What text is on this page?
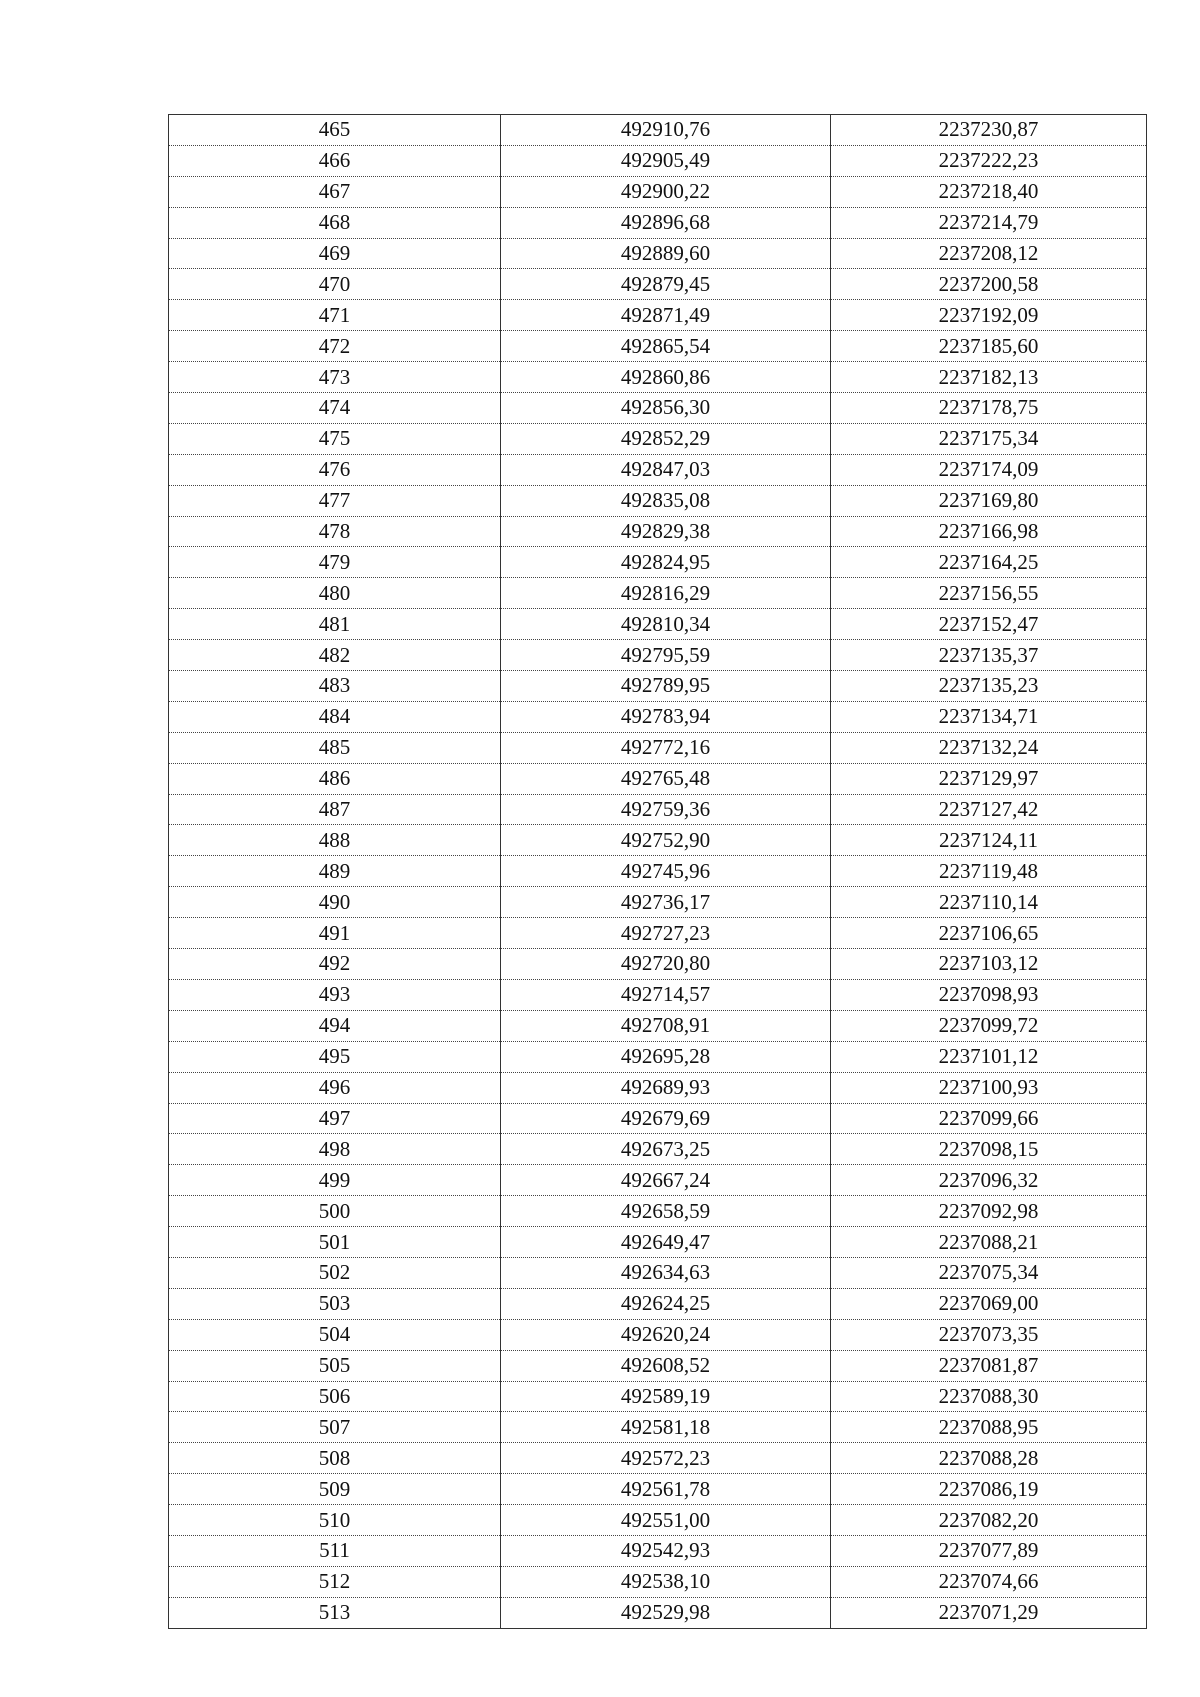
465	492910,76	2237230,87
466	492905,49	2237222,23
467	492900,22	2237218,40
468	492896,68	2237214,79
469	492889,60	2237208,12
470	492879,45	2237200,58
471	492871,49	2237192,09
472	492865,54	2237185,60
473	492860,86	2237182,13
474	492856,30	2237178,75
475	492852,29	2237175,34
476	492847,03	2237174,09
477	492835,08	2237169,80
478	492829,38	2237166,98
479	492824,95	2237164,25
480	492816,29	2237156,55
481	492810,34	2237152,47
482	492795,59	2237135,37
483	492789,95	2237135,23
484	492783,94	2237134,71
485	492772,16	2237132,24
486	492765,48	2237129,97
487	492759,36	2237127,42
488	492752,90	2237124,11
489	492745,96	2237119,48
490	492736,17	2237110,14
491	492727,23	2237106,65
492	492720,80	2237103,12
493	492714,57	2237098,93
494	492708,91	2237099,72
495	492695,28	2237101,12
496	492689,93	2237100,93
497	492679,69	2237099,66
498	492673,25	2237098,15
499	492667,24	2237096,32
500	492658,59	2237092,98
501	492649,47	2237088,21
502	492634,63	2237075,34
503	492624,25	2237069,00
504	492620,24	2237073,35
505	492608,52	2237081,87
506	492589,19	2237088,30
507	492581,18	2237088,95
508	492572,23	2237088,28
509	492561,78	2237086,19
510	492551,00	2237082,20
511	492542,93	2237077,89
512	492538,10	2237074,66
513	492529,98	2237071,29
